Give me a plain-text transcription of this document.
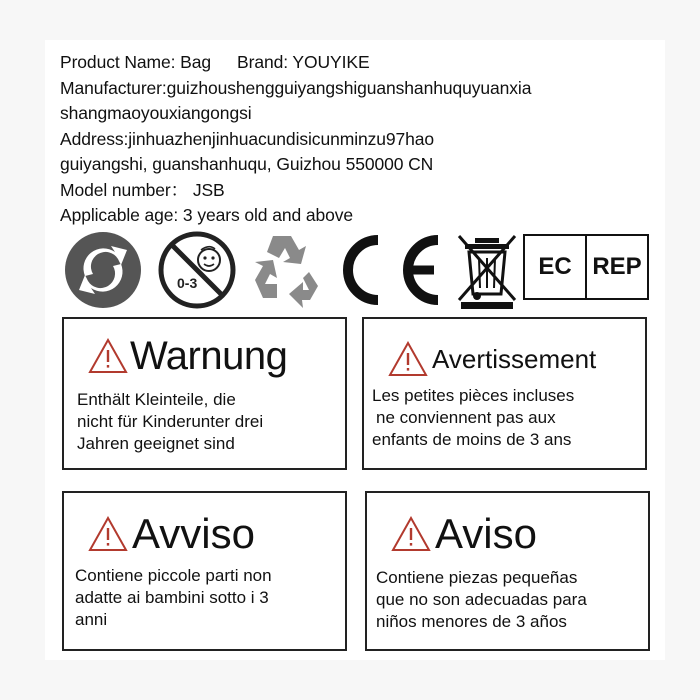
Product Name: Bag Brand: YOUYIKE
Manufacturer:guizhoushengguiyangshiguanshanhuquyuanxia
shangmaoyouxiangongsi
Address:jinhuazhenjinhuacundisicunminzu97hao
guiyangshi, guanshanhuqu, Guizhou 550000 CN
Model number： JSB
Applicable age: 3 years old and above
0-3
EC REP
Warnung
Enthält Kleinteile, die
nicht für Kinderunter drei
Jahren geeignet sind
Avertissement
Les petites pièces incluses
ne conviennent pas aux
enfants de moins de 3 ans
Avviso
Contiene piccole parti non
adatte ai bambini sotto i 3
anni
Aviso
Contiene piezas pequeñas
que no son adecuadas para
niños menores de 3 años
